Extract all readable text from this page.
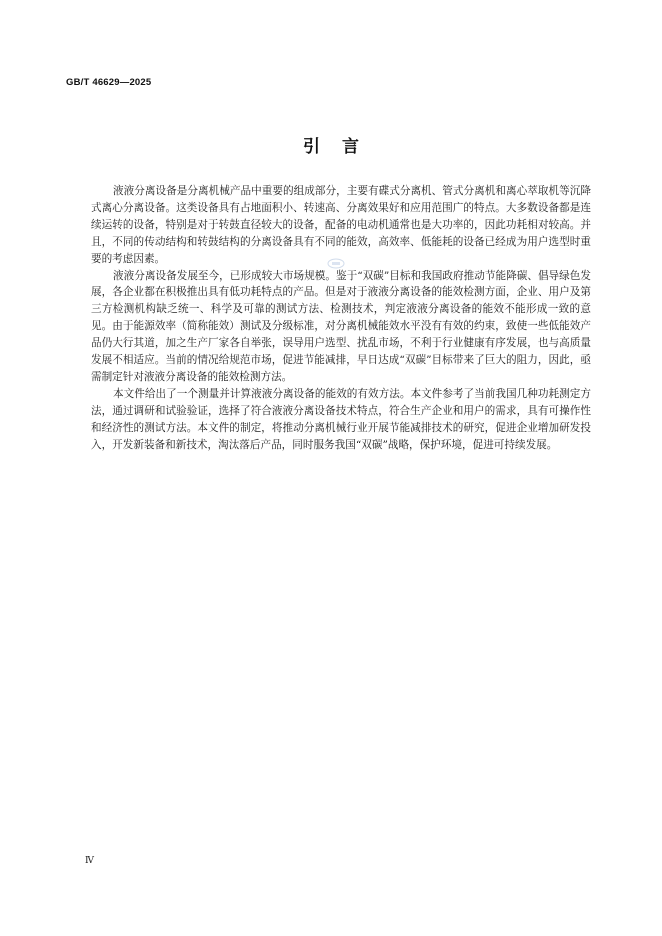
GB/T 46629—2025
引言

液液分离设备是分离机械产品中重要的组成部分，主要有碟式分离机、管式分离机和离心萃取机等沉降式离心分离设备。这类设备具有占地面积小、转速高、分离效果好和应用范围广的特点。大多数设备都是连续运转的设备，特别是对于转鼓直径较大的设备，配备的电动机通常也是大功率的，因此功耗相对较高。并且，不同的传动结构和转鼓结构的分离设备具有不同的能效，高效率、低能耗的设备已经成为用户选型时重要的考虑因素。

液液分离设备发展至今，已形成较大市场规模。鉴于“双碳”目标和我国政府推动节能降碳、倡导绿色发展，各企业都在积极推出具有低功耗特点的产品。但是对于液液分离设备的能效检测方面，企业、用户及第三方检测机构缺乏统一、科学及可靠的测试方法、检测技术，判定液液分离设备的能效不能形成一致的意见。由于能源效率（简称能效）测试及分级标准，对分离机械能效水平没有有效的约束，致使一些低能效产品仍大行其道，加之生产厂家各自举张，误导用户选型、扰乱市场，不利于行业健康有序发展，也与高质量发展不相适应。当前的情况给规范市场，促进节能减排，早日达成“双碳”目标带来了巨大的阻力，因此，亟需制定针对液液分离设备的能效检测方法。

本文件给出了一个测量并计算液液分离设备的能效的有效方法。本文件参考了当前我国几种功耗测定方法，通过调研和试验验证，选择了符合液液分离设备技术特点，符合生产企业和用户的需求，具有可操作性和经济性的测试方法。本文件的制定，将推动分离机械行业开展节能减排技术的研究，促进企业增加研发投入，开发新装备和新技术，淘汰落后产品，同时服务我国“双碳”战略，保护环境，促进可持续发展。

Ⅳ
